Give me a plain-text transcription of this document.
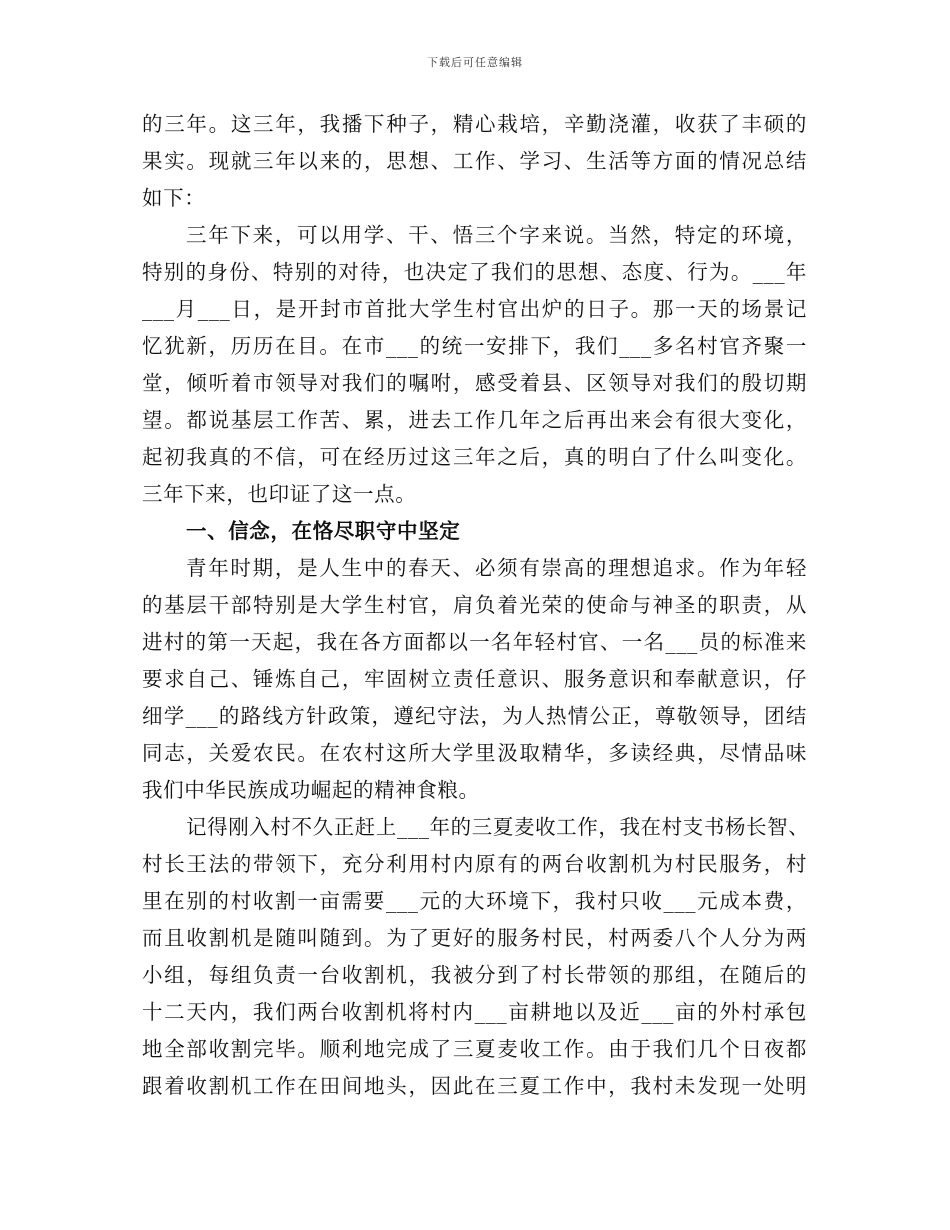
下载后可任意编辑
的三年。这三年，我播下种子，精心栽培，辛勤浇灌，收获了丰硕的
果实。现就三年以来的，思想、工作、学习、生活等方面的情况总结
如下：
三年下来，可以用学、干、悟三个字来说。当然，特定的环境，
特别的身份、特别的对待，也决定了我们的思想、态度、行为。___年
___月___日，是开封市首批大学生村官出炉的日子。那一天的场景记
忆犹新，历历在目。在市___的统一安排下，我们___多名村官齐聚一
堂，倾听着市领导对我们的嘱咐，感受着县、区领导对我们的殷切期
望。都说基层工作苦、累，进去工作几年之后再出来会有很大变化，
起初我真的不信，可在经历过这三年之后，真的明白了什么叫变化。
三年下来，也印证了这一点。
一、信念，在恪尽职守中坚定
青年时期，是人生中的春天、必须有崇高的理想追求。作为年轻
的基层干部特别是大学生村官，肩负着光荣的使命与神圣的职责，从
进村的第一天起，我在各方面都以一名年轻村官、一名___员的标准来
要求自己、锤炼自己，牢固树立责任意识、服务意识和奉献意识，仔
细学___的路线方针政策，遵纪守法，为人热情公正，尊敬领导，团结
同志，关爱农民。在农村这所大学里汲取精华，多读经典，尽情品味
我们中华民族成功崛起的精神食粮。
记得刚入村不久正赶上___年的三夏麦收工作，我在村支书杨长智、
村长王法的带领下，充分利用村内原有的两台收割机为村民服务，村
里在别的村收割一亩需要___元的大环境下，我村只收___元成本费，
而且收割机是随叫随到。为了更好的服务村民，村两委八个人分为两
小组，每组负责一台收割机，我被分到了村长带领的那组，在随后的
十二天内，我们两台收割机将村内___亩耕地以及近___亩的外村承包
地全部收割完毕。顺利地完成了三夏麦收工作。由于我们几个日夜都
跟着收割机工作在田间地头，因此在三夏工作中，我村未发现一处明
